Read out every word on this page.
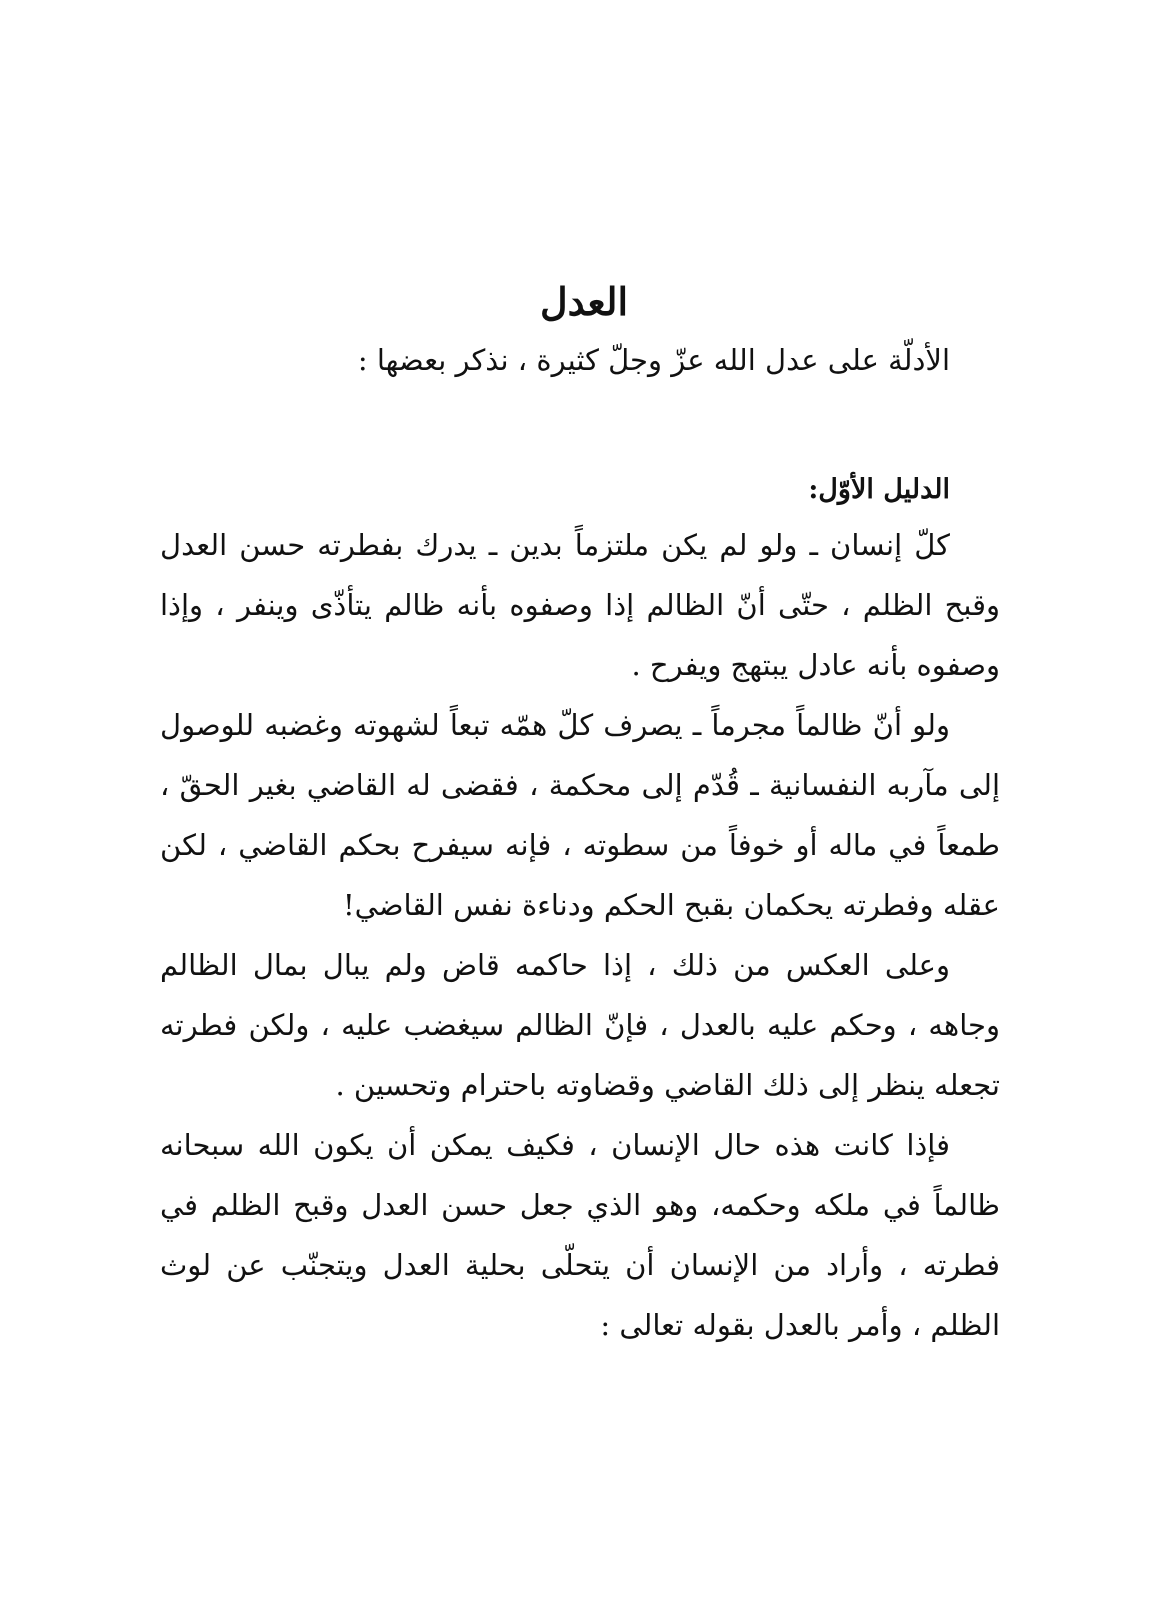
العدل

الأدلّة على عدل الله عزّ وجلّ كثيرة ، نذكر بعضها :

الدليل الأوّل:

كلّ إنسان ـ ولو لم يكن ملتزماً بدين ـ يدرك بفطرته حسن العدل وقبح الظلم ، حتّى أنّ الظالم إذا وصفوه بأنه ظالم يتأذّى وينفر ، وإذا وصفوه بأنه عادل يبتهج ويفرح .

ولو أنّ ظالماً مجرماً ـ يصرف كلّ همّه تبعاً لشهوته وغضبه للوصول إلى مآربه النفسانية ـ قُدّم إلى محكمة ، فقضى له القاضي بغير الحقّ ، طمعاً في ماله أو خوفاً من سطوته ، فإنه سيفرح بحكم القاضي ، لكن عقله وفطرته يحكمان بقبح الحكم ودناءة نفس القاضي!

وعلى العكس من ذلك ، إذا حاكمه قاض ولم يبال بمال الظالم وجاهه ، وحكم عليه بالعدل ، فإنّ الظالم سيغضب عليه ، ولكن فطرته تجعله ينظر إلى ذلك القاضي وقضاوته باحترام وتحسين .

فإذا كانت هذه حال الإنسان ، فكيف يمكن أن يكون الله سبحانه ظالماً في ملكه وحكمه، وهو الذي جعل حسن العدل وقبح الظلم في فطرته ، وأراد من الإنسان أن يتحلّى بحلية العدل ويتجنّب عن لوث الظلم ، وأمر بالعدل بقوله تعالى :
